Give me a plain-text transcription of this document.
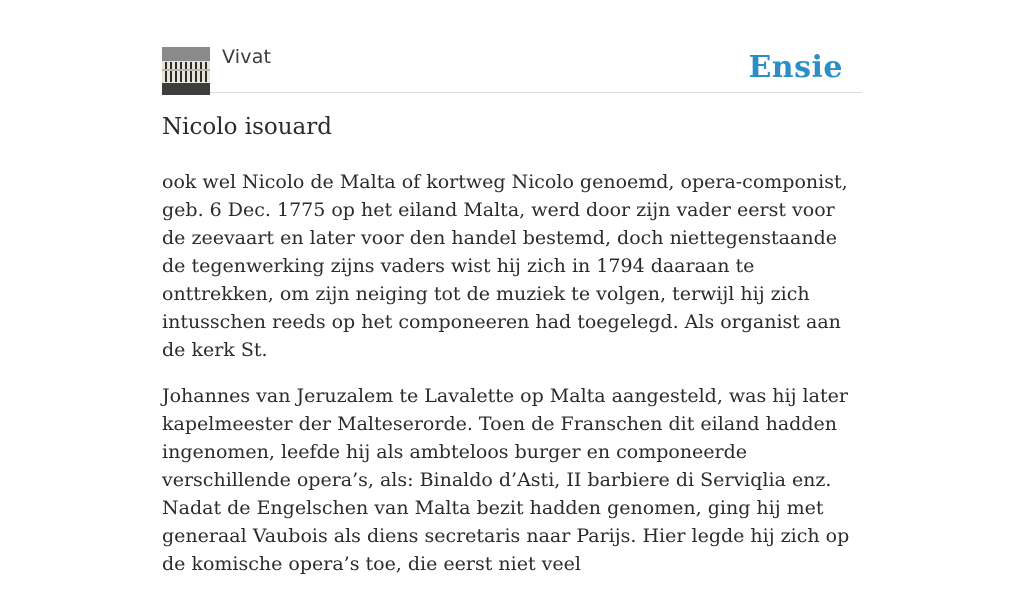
Vivat	Ensie
Nicolo isouard

ook wel Nicolo de Malta of kortweg Nicolo genoemd, opera-componist, geb. 6 Dec. 1775 op het eiland Malta, werd door zijn vader eerst voor de zeevaart en later voor den handel bestemd, doch niettegenstaande de tegenwerking zijns vaders wist hij zich in 1794 daaraan te onttrekken, om zijn neiging tot de muziek te volgen, terwijl hij zich intusschen reeds op het componeeren had toegelegd. Als organist aan de kerk St.

Johannes van Jeruzalem te Lavalette op Malta aangesteld, was hij later kapelmeester der Malteserorde. Toen de Franschen dit eiland hadden ingenomen, leefde hij als ambteloos burger en componeerde verschillende opera’s, als: Binaldo d’Asti, II barbiere di Serviqlia enz. Nadat de Engelschen van Malta bezit hadden genomen, ging hij met generaal Vaubois als diens secretaris naar Parijs. Hier legde hij zich op de komische opera’s toe, die eerst niet veel
